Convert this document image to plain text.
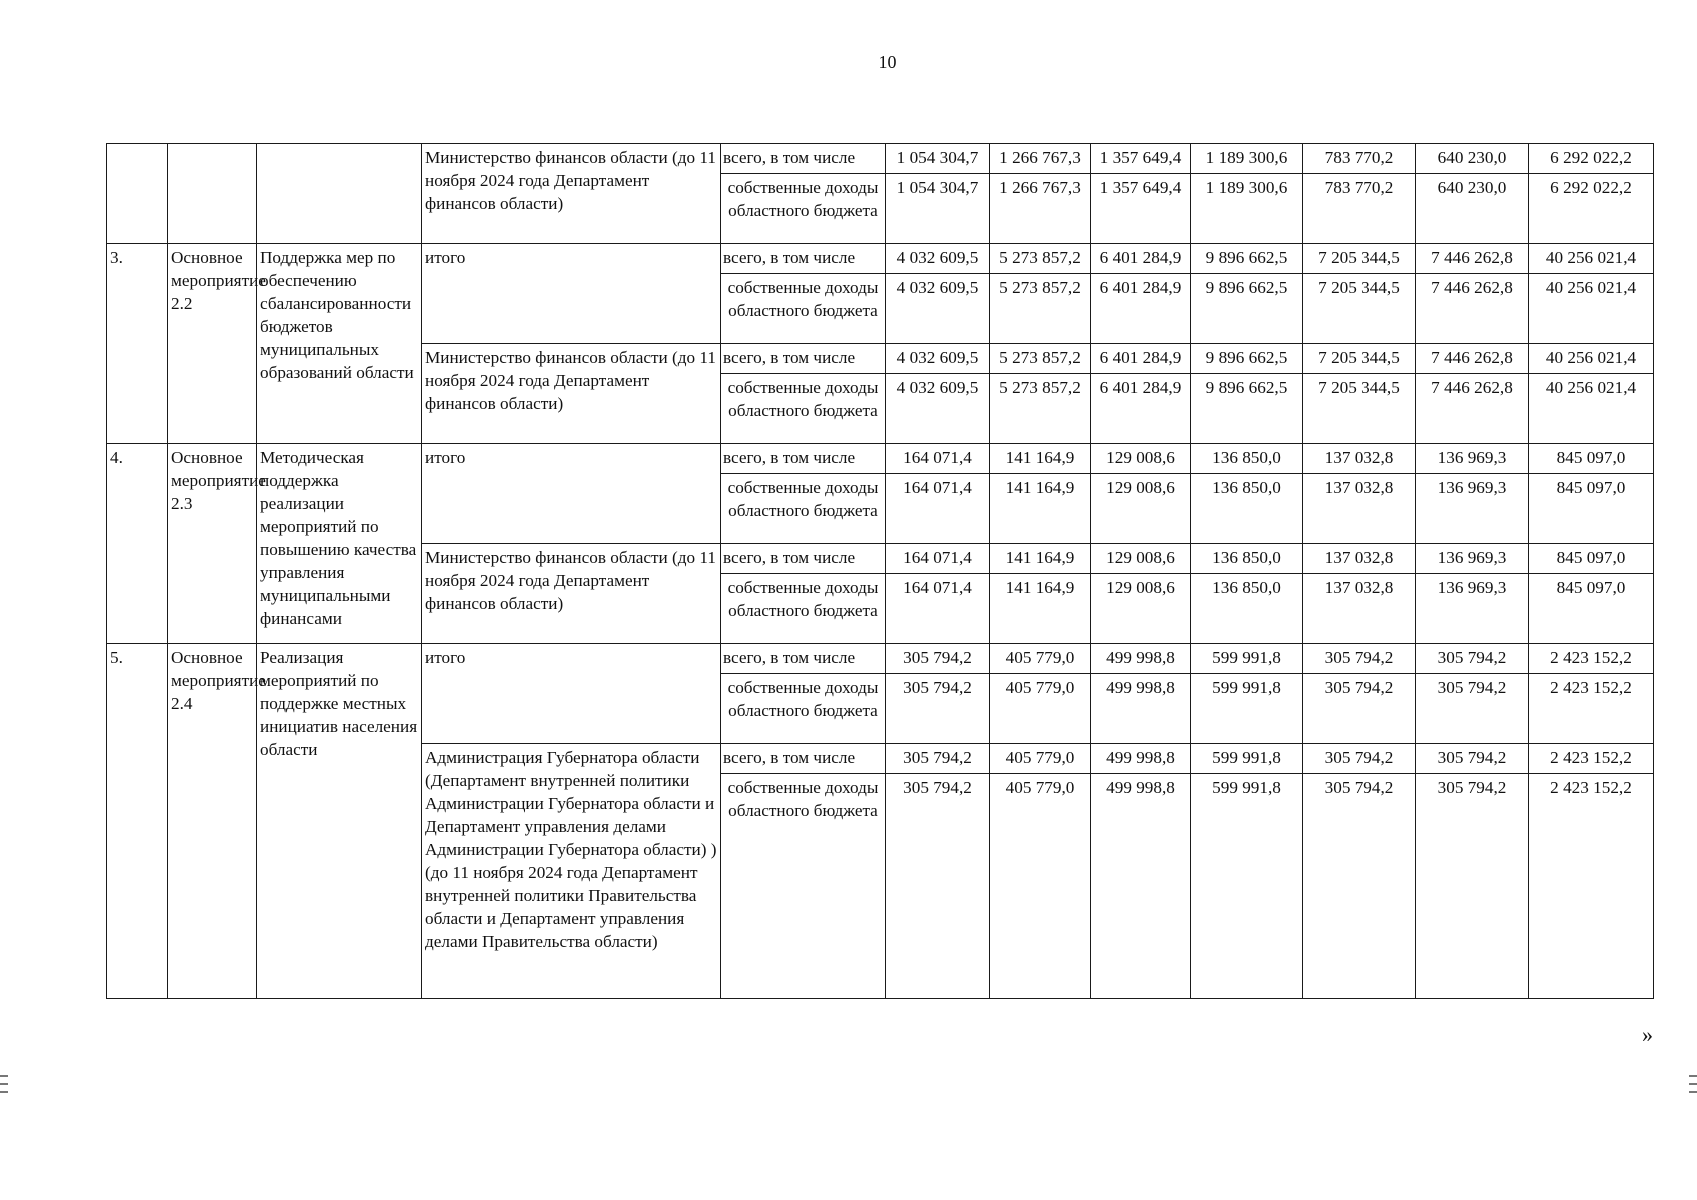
10
			Министерство финансов области (до 11 ноября 2024 года Департамент финансов области)	всего, в том числе	1 054 304,7	1 266 767,3	1 357 649,4	1 189 300,6	783 770,2	640 230,0	6 292 022,2
				собственные доходы областного бюджета	1 054 304,7	1 266 767,3	1 357 649,4	1 189 300,6	783 770,2	640 230,0	6 292 022,2
3.	Основное мероприятие 2.2	Поддержка мер по обеспечению сбалансированности бюджетов муниципальных образований области	итого	всего, в том числе	4 032 609,5	5 273 857,2	6 401 284,9	9 896 662,5	7 205 344,5	7 446 262,8	40 256 021,4
				собственные доходы областного бюджета	4 032 609,5	5 273 857,2	6 401 284,9	9 896 662,5	7 205 344,5	7 446 262,8	40 256 021,4
			Министерство финансов области (до 11 ноября 2024 года Департамент финансов области)	всего, в том числе	4 032 609,5	5 273 857,2	6 401 284,9	9 896 662,5	7 205 344,5	7 446 262,8	40 256 021,4
				собственные доходы областного бюджета	4 032 609,5	5 273 857,2	6 401 284,9	9 896 662,5	7 205 344,5	7 446 262,8	40 256 021,4
4.	Основное мероприятие 2.3	Методическая поддержка реализации мероприятий по повышению качества управления муниципальными финансами	итого	всего, в том числе	164 071,4	141 164,9	129 008,6	136 850,0	137 032,8	136 969,3	845 097,0
				собственные доходы областного бюджета	164 071,4	141 164,9	129 008,6	136 850,0	137 032,8	136 969,3	845 097,0
			Министерство финансов области (до 11 ноября 2024 года Департамент финансов области)	всего, в том числе	164 071,4	141 164,9	129 008,6	136 850,0	137 032,8	136 969,3	845 097,0
				собственные доходы областного бюджета	164 071,4	141 164,9	129 008,6	136 850,0	137 032,8	136 969,3	845 097,0
5.	Основное мероприятие 2.4	Реализация мероприятий по поддержке местных инициатив населения области	итого	всего, в том числе	305 794,2	405 779,0	499 998,8	599 991,8	305 794,2	305 794,2	2 423 152,2
				собственные доходы областного бюджета	305 794,2	405 779,0	499 998,8	599 991,8	305 794,2	305 794,2	2 423 152,2
			Администрация Губернатора области (Департамент внутренней политики Администрации Губернатора области и Департамент управления делами Администрации Губернатора области) ) (до 11 ноября 2024 года Департамент внутренней политики Правительства области и Департамент управления делами Правительства области)	всего, в том числе	305 794,2	405 779,0	499 998,8	599 991,8	305 794,2	305 794,2	2 423 152,2
				собственные доходы областного бюджета	305 794,2	405 779,0	499 998,8	599 991,8	305 794,2	305 794,2	2 423 152,2
»
